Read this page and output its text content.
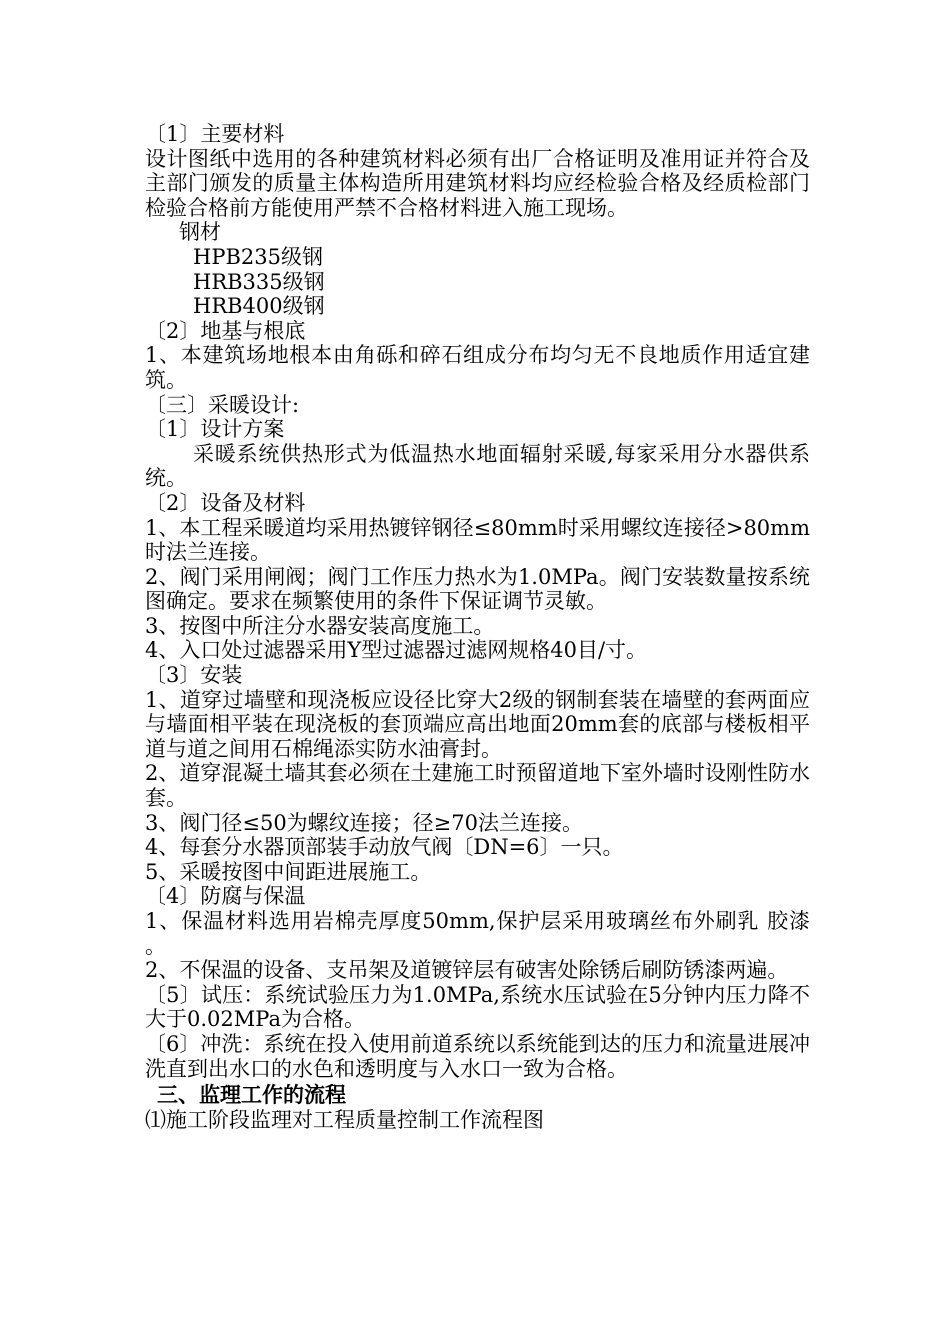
〔1〕主要材料

设计图纸中选用的各种建筑材料必须有出厂合格证明及准用证并符合及主部门颁发的质量主体构造所用建筑材料均应经检验合格及经质检部门检验合格前方能使用严禁不合格材料进入施工现场。

钢材

HPB235级钢

HRB335级钢

HRB400级钢

〔2〕地基与根底

1、本建筑场地根本由角砾和碎石组成分布均匀无不良地质作用适宜建筑。

〔三〕采暖设计:

〔1〕设计方案

采暖系统供热形式为低温热水地面辐射采暖,每家采用分水器供系统。

〔2〕设备及材料

1、本工程采暖道均采用热镀锌钢径≤80mm时采用螺纹连接径>80mm时法兰连接。

2、阀门采用闸阀；阀门工作压力热水为1.0MPa。阀门安装数量按系统图确定。要求在频繁使用的条件下保证调节灵敏。

3、按图中所注分水器安装高度施工。

4、入口处过滤器采用Y型过滤器过滤网规格40目/寸。

〔3〕安装

1、道穿过墙壁和现浇板应设径比穿大2级的钢制套装在墙壁的套两面应与墙面相平装在现浇板的套顶端应高出地面20mm套的底部与楼板相平道与道之间用石棉绳添实防水油膏封。

2、道穿混凝土墙其套必须在土建施工时预留道地下室外墙时设刚性防水套。

3、阀门径≤50为螺纹连接；径≥70法兰连接。

4、每套分水器顶部装手动放气阀〔DN=6〕一只。

5、采暖按图中间距进展施工。

〔4〕防腐与保温

1、保温材料选用岩棉壳厚度50mm,保护层采用玻璃丝布外刷乳 胶漆 。

2、不保温的设备、支吊架及道镀锌层有破害处除锈后刷防锈漆两遍。

〔5〕试压：系统试验压力为1.0MPa,系统水压试验在5分钟内压力降不大于0.02MPa为合格。

〔6〕冲洗：系统在投入使用前道系统以系统能到达的压力和流量进展冲洗直到出水口的水色和透明度与入水口一致为合格。

三、监理工作的流程

⑴施工阶段监理对工程质量控制工作流程图
